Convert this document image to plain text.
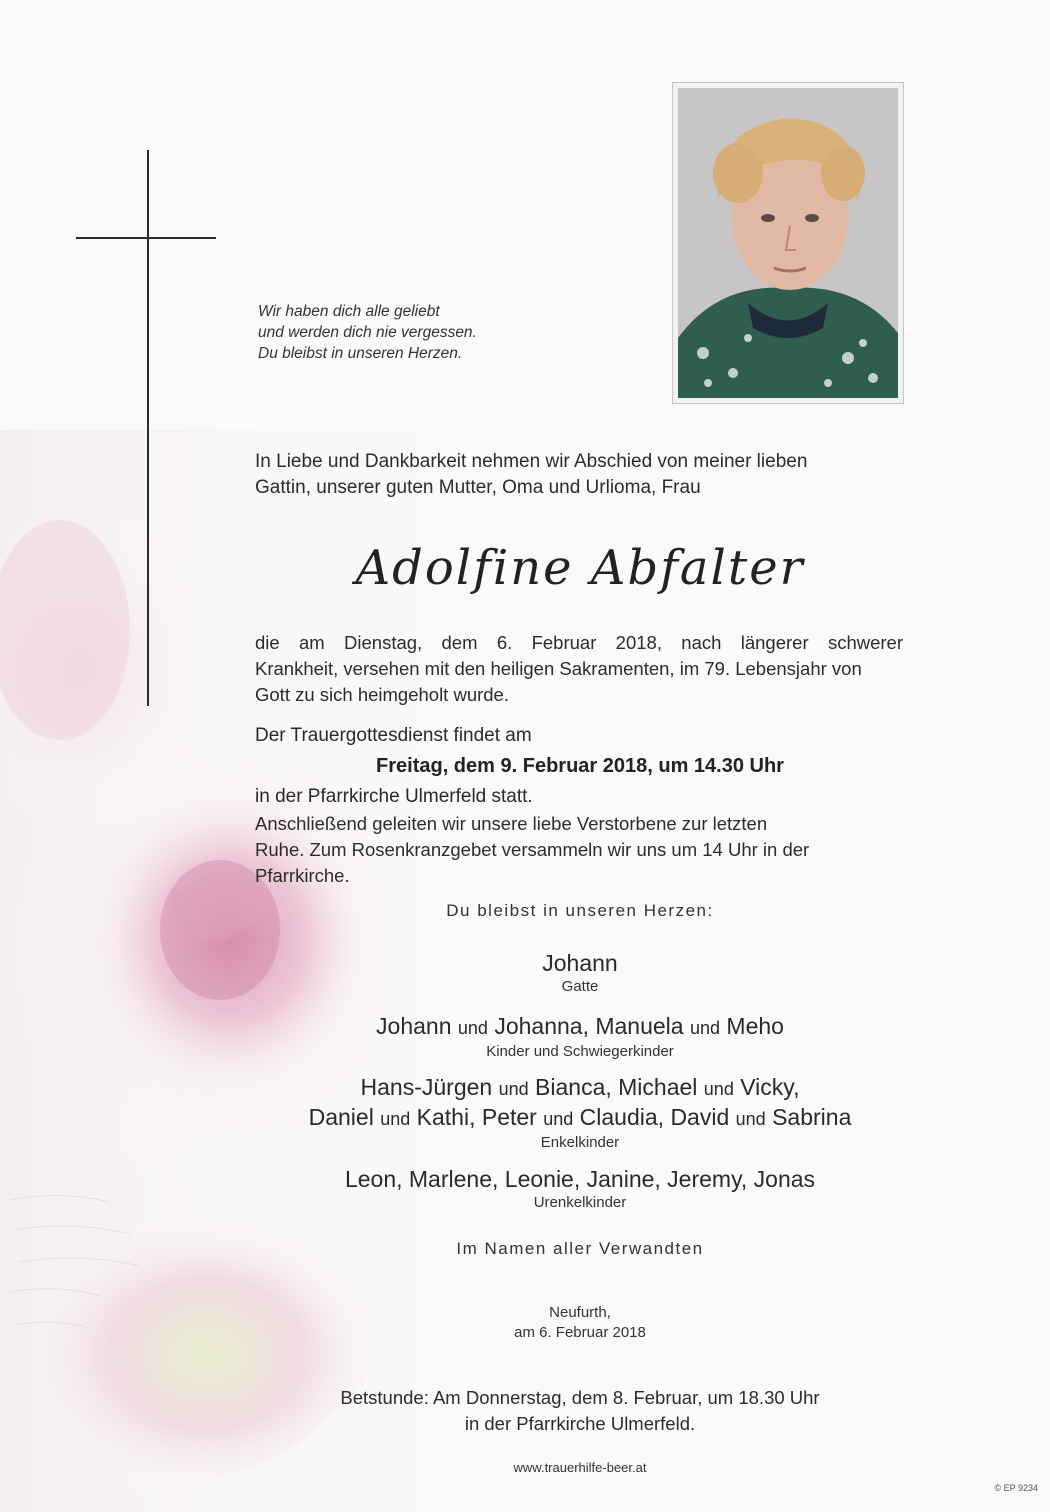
Wir haben dich alle geliebt
und werden dich nie vergessen.
Du bleibst in unseren Herzen.
In Liebe und Dankbarkeit nehmen wir Abschied von meiner lieben
Gattin, unserer guten Mutter, Oma und Urlioma, Frau
Adolfine Abfalter
die am Dienstag, dem 6. Februar 2018, nach längerer schwerer
Krankheit, versehen mit den heiligen Sakramenten, im 79. Lebensjahr von
Gott zu sich heimgeholt wurde.
Der Trauergottesdienst findet am
Freitag, dem 9. Februar 2018, um 14.30 Uhr
in der Pfarrkirche Ulmerfeld statt.
Anschließend geleiten wir unsere liebe Verstorbene zur letzten
Ruhe. Zum Rosenkranzgebet versammeln wir uns um 14 Uhr in der
Pfarrkirche.
Du bleibst in unseren Herzen:
Johann
Gatte
Johann und Johanna, Manuela und Meho
Kinder und Schwiegerkinder
Hans-Jürgen und Bianca, Michael und Vicky,
Daniel und Kathi, Peter und Claudia, David und Sabrina
Enkelkinder
Leon, Marlene, Leonie, Janine, Jeremy, Jonas
Urenkelkinder
Im Namen aller Verwandten
Neufurth,
am 6. Februar 2018
Betstunde: Am Donnerstag, dem 8. Februar, um 18.30 Uhr
in der Pfarrkirche Ulmerfeld.
www.trauerhilfe-beer.at
© EP 9234
